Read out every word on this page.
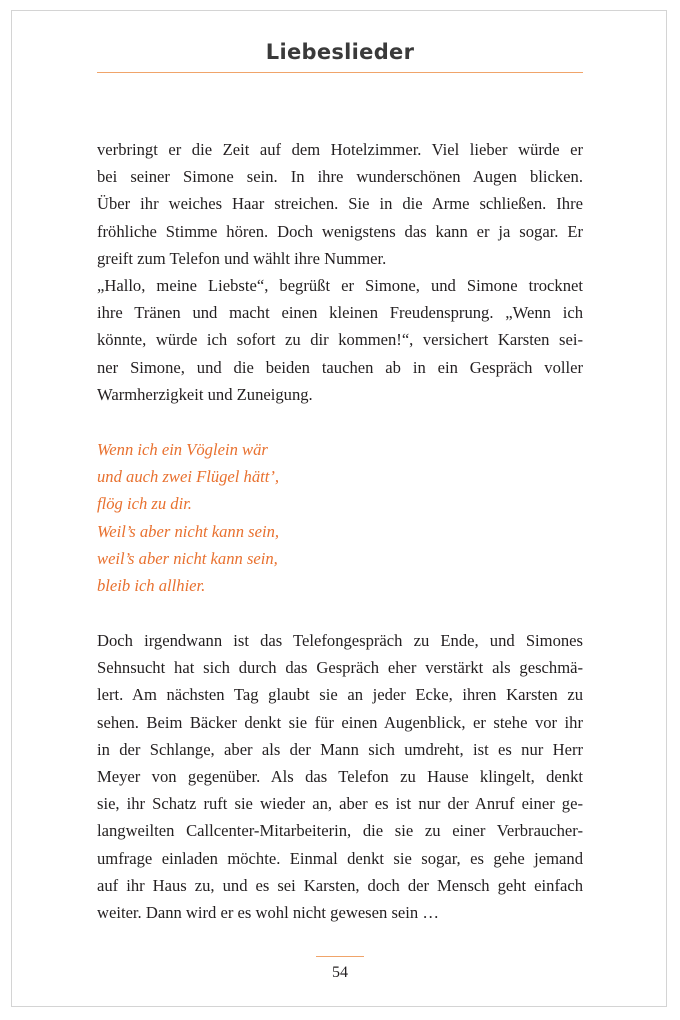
Liebeslieder
verbringt er die Zeit auf dem Hotelzimmer. Viel lieber würde er
bei seiner Simone sein. In ihre wunderschönen Augen blicken.
Über ihr weiches Haar streichen. Sie in die Arme schließen. Ihre
fröhliche Stimme hören. Doch wenigstens das kann er ja sogar. Er
greift zum Telefon und wählt ihre Nummer.
„Hallo, meine Liebste“, begrüßt er Simone, und Simone trocknet
ihre Tränen und macht einen kleinen Freudensprung. „Wenn ich
könnte, würde ich sofort zu dir kommen!“, versichert Karsten sei-
ner Simone, und die beiden tauchen ab in ein Gespräch voller
Warmherzigkeit und Zuneigung.
Wenn ich ein Vöglein wär
und auch zwei Flügel hätt’,
flög ich zu dir.
Weil’s aber nicht kann sein,
weil’s aber nicht kann sein,
bleib ich allhier.
Doch irgendwann ist das Telefongespräch zu Ende, und Simones
Sehnsucht hat sich durch das Gespräch eher verstärkt als geschmä-
lert. Am nächsten Tag glaubt sie an jeder Ecke, ihren Karsten zu
sehen. Beim Bäcker denkt sie für einen Augenblick, er stehe vor ihr
in der Schlange, aber als der Mann sich umdreht, ist es nur Herr
Meyer von gegenüber. Als das Telefon zu Hause klingelt, denkt
sie, ihr Schatz ruft sie wieder an, aber es ist nur der Anruf einer ge-
langweilten Callcenter-Mitarbeiterin, die sie zu einer Verbraucher-
umfrage einladen möchte. Einmal denkt sie sogar, es gehe jemand
auf ihr Haus zu, und es sei Karsten, doch der Mensch geht einfach
weiter. Dann wird er es wohl nicht gewesen sein …
54
